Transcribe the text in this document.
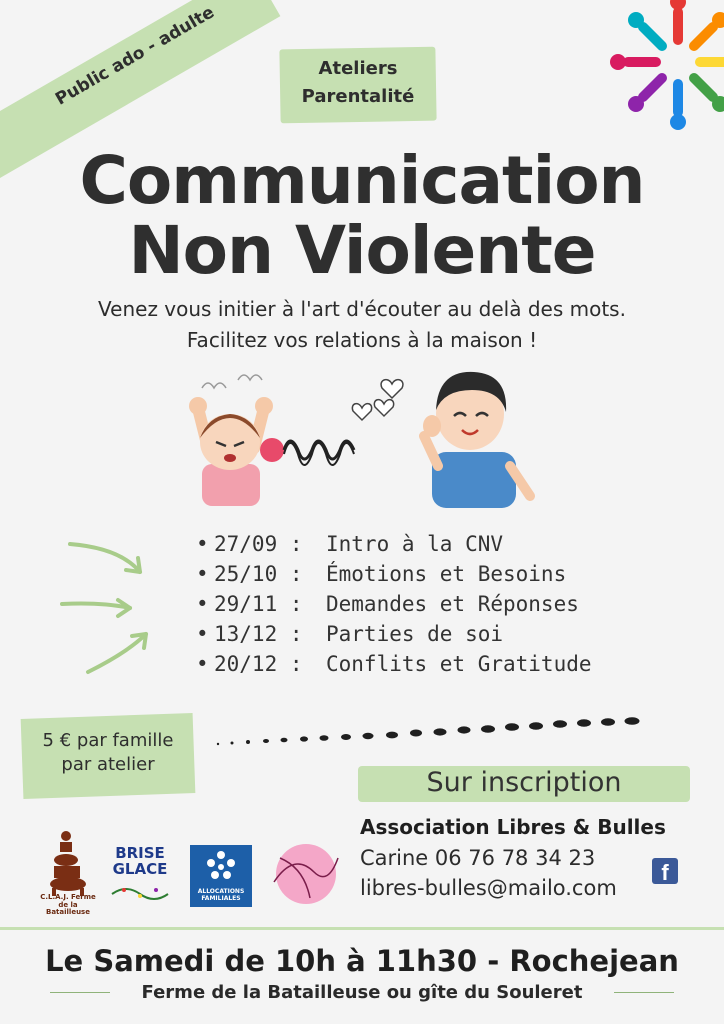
Public ado - adulte	Ateliers
Parentalité
Communication
Non Violente
Venez vous initier à l'art d'écouter au delà des mots.
Facilitez vos relations à la maison !
• 27/09 : Intro à la CNV
• 25/10 : Émotions et Besoins
• 29/11 : Demandes et Réponses
• 13/12 : Parties de soi
• 20/12 : Conflits et Gratitude
5 € par famille
par atelier
Sur inscription
Association Libres & Bulles
Carine 06 76 78 34 23
libres-bulles@mailo.com
f
C.L.A.J. Ferme de la Batailleuse
BRISE GLACE
ALLOCATIONS FAMILIALES
Le Samedi de 10h à 11h30 - Rochejean
Ferme de la Batailleuse ou gîte du Souleret
